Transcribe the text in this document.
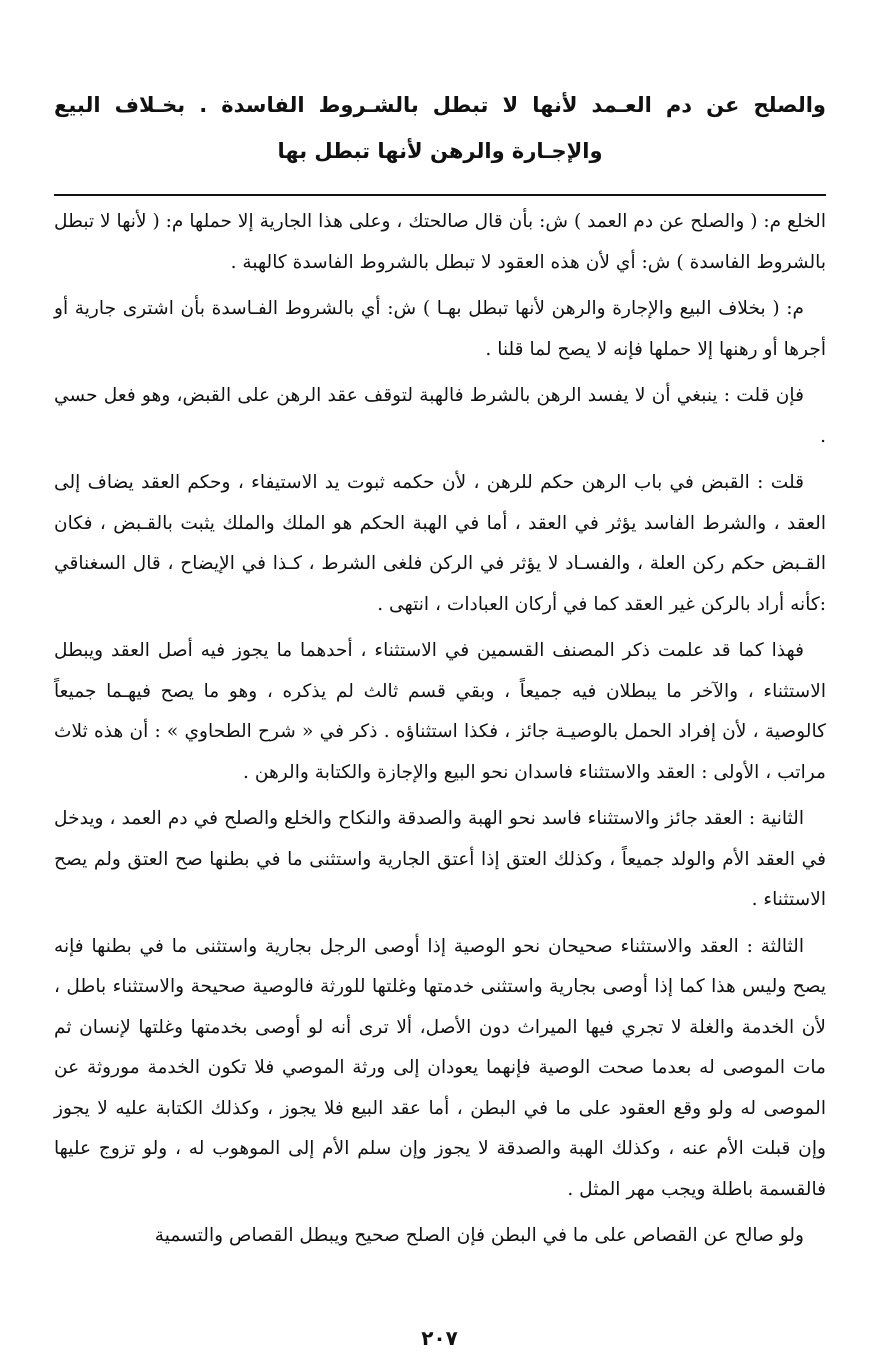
والصلح عن دم العـمد لأنها لا تبطل بالشـروط الفاسدة . بخـلاف البيع والإجـارة والرهن لأنها تبطل بها

الخلع م: ( والصلح عن دم العمد ) ش: بأن قال صالحتك ، وعلى هذا الجارية إلا حملها م: ( لأنها لا تبطل بالشروط الفاسدة ) ش: أي لأن هذه العقود لا تبطل بالشروط الفاسدة كالهبة .

م: ( بخلاف البيع والإجارة والرهن لأنها تبطل بهـا ) ش: أي بالشروط الفـاسدة بأن اشترى جارية أو أجرها أو رهنها إلا حملها فإنه لا يصح لما قلنا .

فإن قلت : ينبغي أن لا يفسد الرهن بالشرط فالهبة لتوقف عقد الرهن على القبض، وهو فعل حسي .

قلت : القبض في باب الرهن حكم للرهن ، لأن حكمه ثبوت يد الاستيفاء ، وحكم العقد يضاف إلى العقد ، والشرط الفاسد يؤثر في العقد ، أما في الهبة الحكم هو الملك والملك يثبت بالقـبض ، فكان القـبض حكم ركن العلة ، والفسـاد لا يؤثر في الركن فلغى الشرط ، كـذا في الإيضاح ، قال السغناقي :كأنه أراد بالركن غير العقد كما في أركان العبادات ، انتهى .

فهذا كما قد علمت ذكر المصنف القسمين في الاستثناء ، أحدهما ما يجوز فيه أصل العقد ويبطل الاستثناء ، والآخر ما يبطلان فيه جميعاً ، وبقي قسم ثالث لم يذكره ، وهو ما يصح فيهـما جميعاً كالوصية ، لأن إفراد الحمل بالوصيـة جائز ، فكذا استثناؤه . ذكر في « شرح الطحاوي » : أن هذه ثلاث مراتب ، الأولى : العقد والاستثناء فاسدان نحو البيع والإجازة والكتابة والرهن .

الثانية : العقد جائز والاستثناء فاسد نحو الهبة والصدقة والنكاح والخلع والصلح في دم العمد ، ويدخل في العقد الأم والولد جميعاً ، وكذلك العتق إذا أعتق الجارية واستثنى ما في بطنها صح العتق ولم يصح الاستثناء .

الثالثة : العقد والاستثناء صحيحان نحو الوصية إذا أوصى الرجل بجارية واستثنى ما في بطنها فإنه يصح وليس هذا كما إذا أوصى بجارية واستثنى خدمتها وغلتها للورثة فالوصية صحيحة والاستثناء باطل ، لأن الخدمة والغلة لا تجري فيها الميراث دون الأصل، ألا ترى أنه لو أوصى بخدمتها وغلتها لإنسان ثم مات الموصى له بعدما صحت الوصية فإنهما يعودان إلى ورثة الموصي فلا تكون الخدمة موروثة عن الموصى له ولو وقع العقود على ما في البطن ، أما عقد البيع فلا يجوز ، وكذلك الكتابة عليه لا يجوز وإن قبلت الأم عنه ، وكذلك الهبة والصدقة لا يجوز وإن سلم الأم إلى الموهوب له ، ولو تزوج عليها فالقسمة باطلة ويجب مهر المثل .

ولو صالح عن القصاص على ما في البطن فإن الصلح صحيح ويبطل القصاص والتسمية

٢٠٧
